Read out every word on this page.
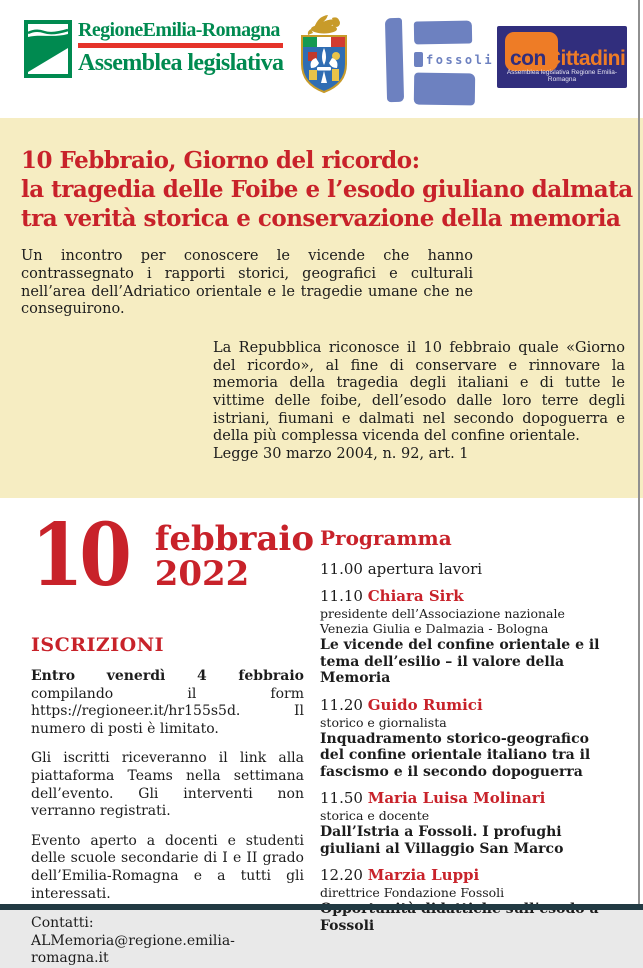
RegioneEmilia-Romagna
Assemblea legislativa	fossoli conCittadini
Assemblea legislativa Regione Emilia-Romagna
10 Febbraio, Giorno del ricordo:
la tragedia delle Foibe e l’esodo giuliano dalmata
tra verità storica e conservazione della memoria
Un incontro per conoscere le vicende che hanno contrassegnato i rapporti storici, geografici e culturali nell’area dell’Adriatico orientale e le tragedie umane che ne conseguirono.
La Repubblica riconosce il 10 febbraio quale «Giorno del ricordo», al fine di conservare e rinnovare la memoria della tragedia degli italiani e di tutte le vittime delle foibe, dell’esodo dalle loro terre degli istriani, fiumani e dalmati nel secondo dopoguerra e della più complessa vicenda del confine orientale.
Legge 30 marzo 2004, n. 92, art. 1
10 febbraio
2022
ISCRIZIONI
Entro venerdì 4 febbraio compilando il form https://regioneer.it/hr155s5d. Il numero di posti è limitato.
Gli iscritti riceveranno il link alla piattaforma Teams nella settimana dell’evento. Gli interventi non verranno registrati.
Evento aperto a docenti e studenti delle scuole secondarie di I e II grado dell’Emilia-Romagna e a tutti gli interessati.
Contatti:
ALMemoria@regione.emilia-romagna.it
Programma
11.00 apertura lavori
11.10 Chiara Sirk
presidente dell’Associazione nazionale Venezia Giulia e Dalmazia - Bologna
Le vicende del confine orientale e il tema dell’esilio – il valore della Memoria
11.20 Guido Rumici
storico e giornalista
Inquadramento storico-geografico del confine orientale italiano tra il fascismo e il secondo dopoguerra
11.50 Maria Luisa Molinari
storica e docente
Dall’Istria a Fossoli. I profughi giuliani al Villaggio San Marco
12.20 Marzia Luppi
direttrice Fondazione Fossoli
Fossoli
